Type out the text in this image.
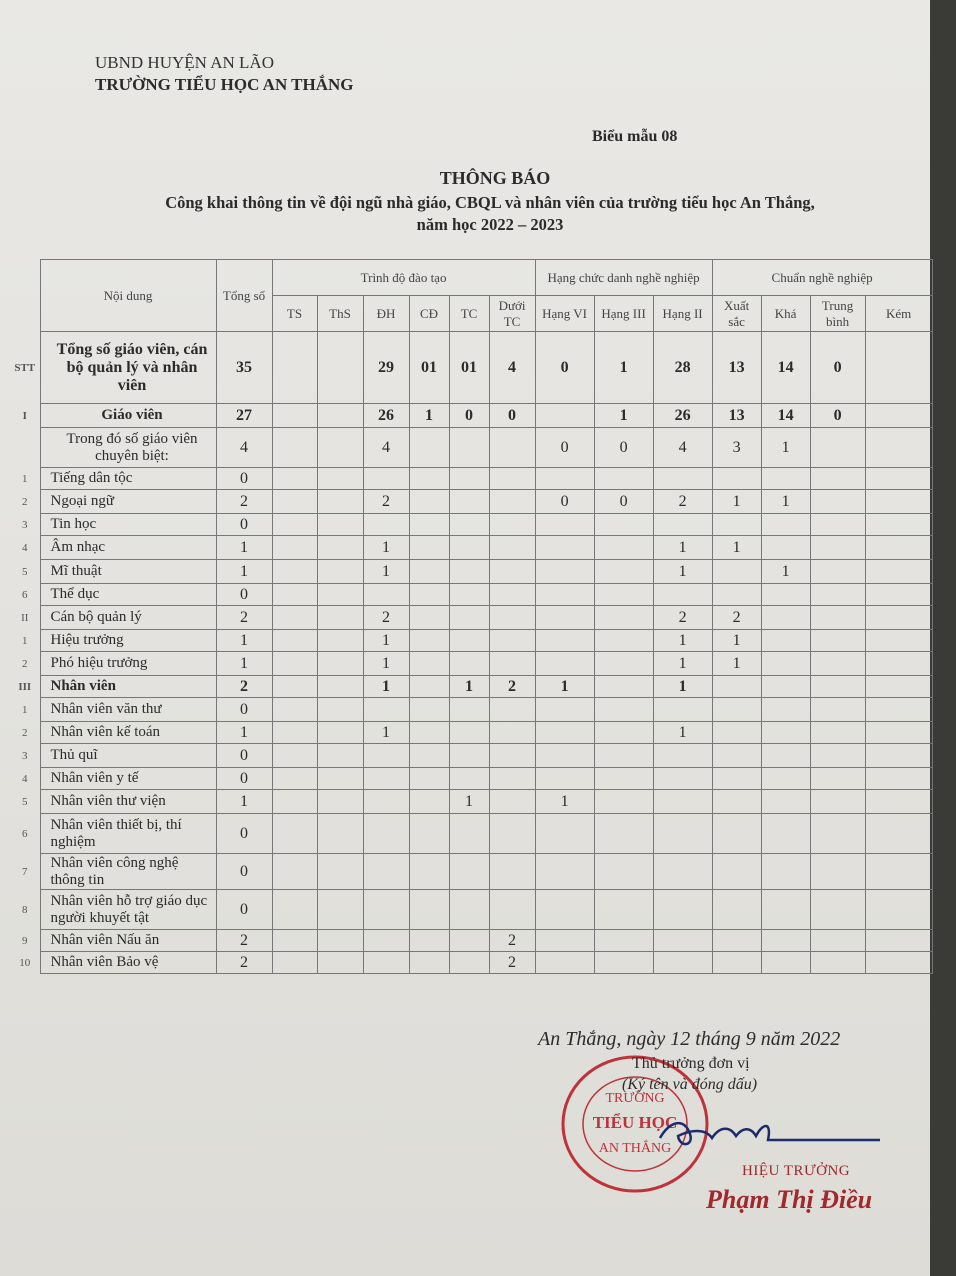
UBND HUYỆN AN LÃO
TRƯỜNG TIỂU HỌC AN THẮNG
Biểu mẫu 08
THÔNG BÁO
Công khai thông tin về đội ngũ nhà giáo, CBQL và nhân viên của trường tiểu học An Thắng,
năm học 2022 – 2023
	Nội dung	Tổng số	Trình độ đào tạo						Hạng chức danh nghề nghiệp			Chuẩn nghề nghiệp			
			TS	ThS	ĐH	CĐ	TC	Dưới TC	Hạng VI	Hạng III	Hạng II	Xuất sắc	Khá	Trung bình	Kém
STT	Tổng số giáo viên, cán bộ quản lý và nhân viên	35			29	01	01	4	0	1	28	13	14	0	
I	Giáo viên	27			26	1	0	0		1	26	13	14	0	
	Trong đó số giáo viên chuyên biệt:	4			4				0	0	4	3	1		
1	Tiếng dân tộc	0													
2	Ngoại ngữ	2			2				0	0	2	1	1		
3	Tin học	0													
4	Âm nhạc	1			1						1	1			
5	Mĩ thuật	1			1						1		1		
6	Thể dục	0													
II	Cán bộ quản lý	2			2						2	2			
1	Hiệu trưởng	1			1						1	1			
2	Phó hiệu trưởng	1			1						1	1			
III	Nhân viên	2			1		1	2	1		1				
1	Nhân viên văn thư	0													
2	Nhân viên kế toán	1			1						1				
3	Thủ quĩ	0													
4	Nhân viên y tế	0													
5	Nhân viên thư viện	1					1		1						
6	Nhân viên thiết bị, thí nghiệm	0													
7	Nhân viên công nghệ thông tin	0													
8	Nhân viên hỗ trợ giáo dục người khuyết tật	0													
9	Nhân viên Nấu ăn	2						2							
10	Nhân viên Bảo vệ	2						2							
TRƯỜNG
TIỂU HỌC
AN THẮNG
An Thắng, ngày 12 tháng 9 năm 2022
Thủ trưởng đơn vị
(Ký tên và đóng dấu)
HIỆU TRƯỞNG
Phạm Thị Điều
